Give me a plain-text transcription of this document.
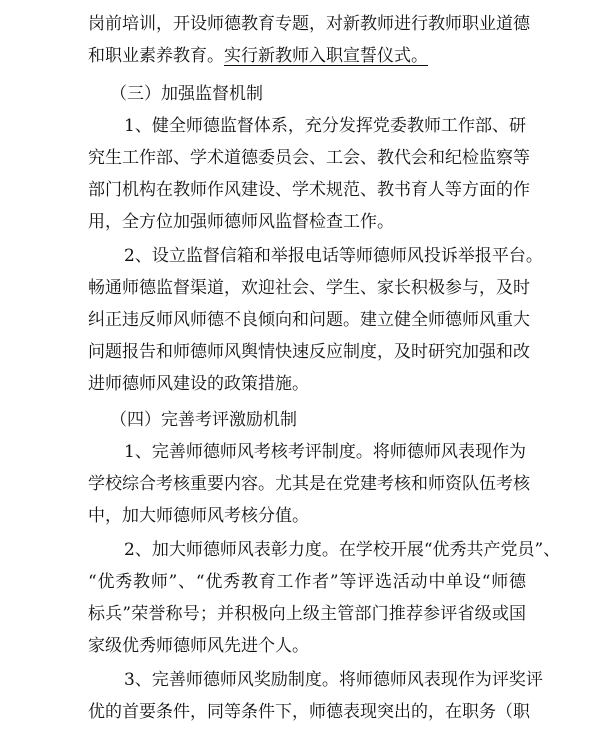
岗前培训，开设师德教育专题，对新教师进行教师职业道德
和职业素养教育。实行新教师入职宣誓仪式。
（三）加强监督机制
1、健全师德监督体系，充分发挥党委教师工作部、研
究生工作部、学术道德委员会、工会、教代会和纪检监察等
部门机构在教师作风建设、学术规范、教书育人等方面的作
用，全方位加强师德师风监督检查工作。
2、设立监督信箱和举报电话等师德师风投诉举报平台。
畅通师德监督渠道，欢迎社会、学生、家长积极参与，及时
纠正违反师风师德不良倾向和问题。建立健全师德师风重大
问题报告和师德师风舆情快速反应制度，及时研究加强和改
进师德师风建设的政策措施。
（四）完善考评激励机制
1、完善师德师风考核考评制度。将师德师风表现作为
学校综合考核重要内容。尤其是在党建考核和师资队伍考核
中，加大师德师风考核分值。
2、加大师德师风表彰力度。在学校开展“优秀共产党员”、
“优秀教师”、“优秀教育工作者”等评选活动中单设“师德
标兵”荣誉称号；并积极向上级主管部门推荐参评省级或国
家级优秀师德师风先进个人。
3、完善师德师风奖励制度。将师德师风表现作为评奖评
优的首要条件，同等条件下，师德表现突出的，在职务（职
